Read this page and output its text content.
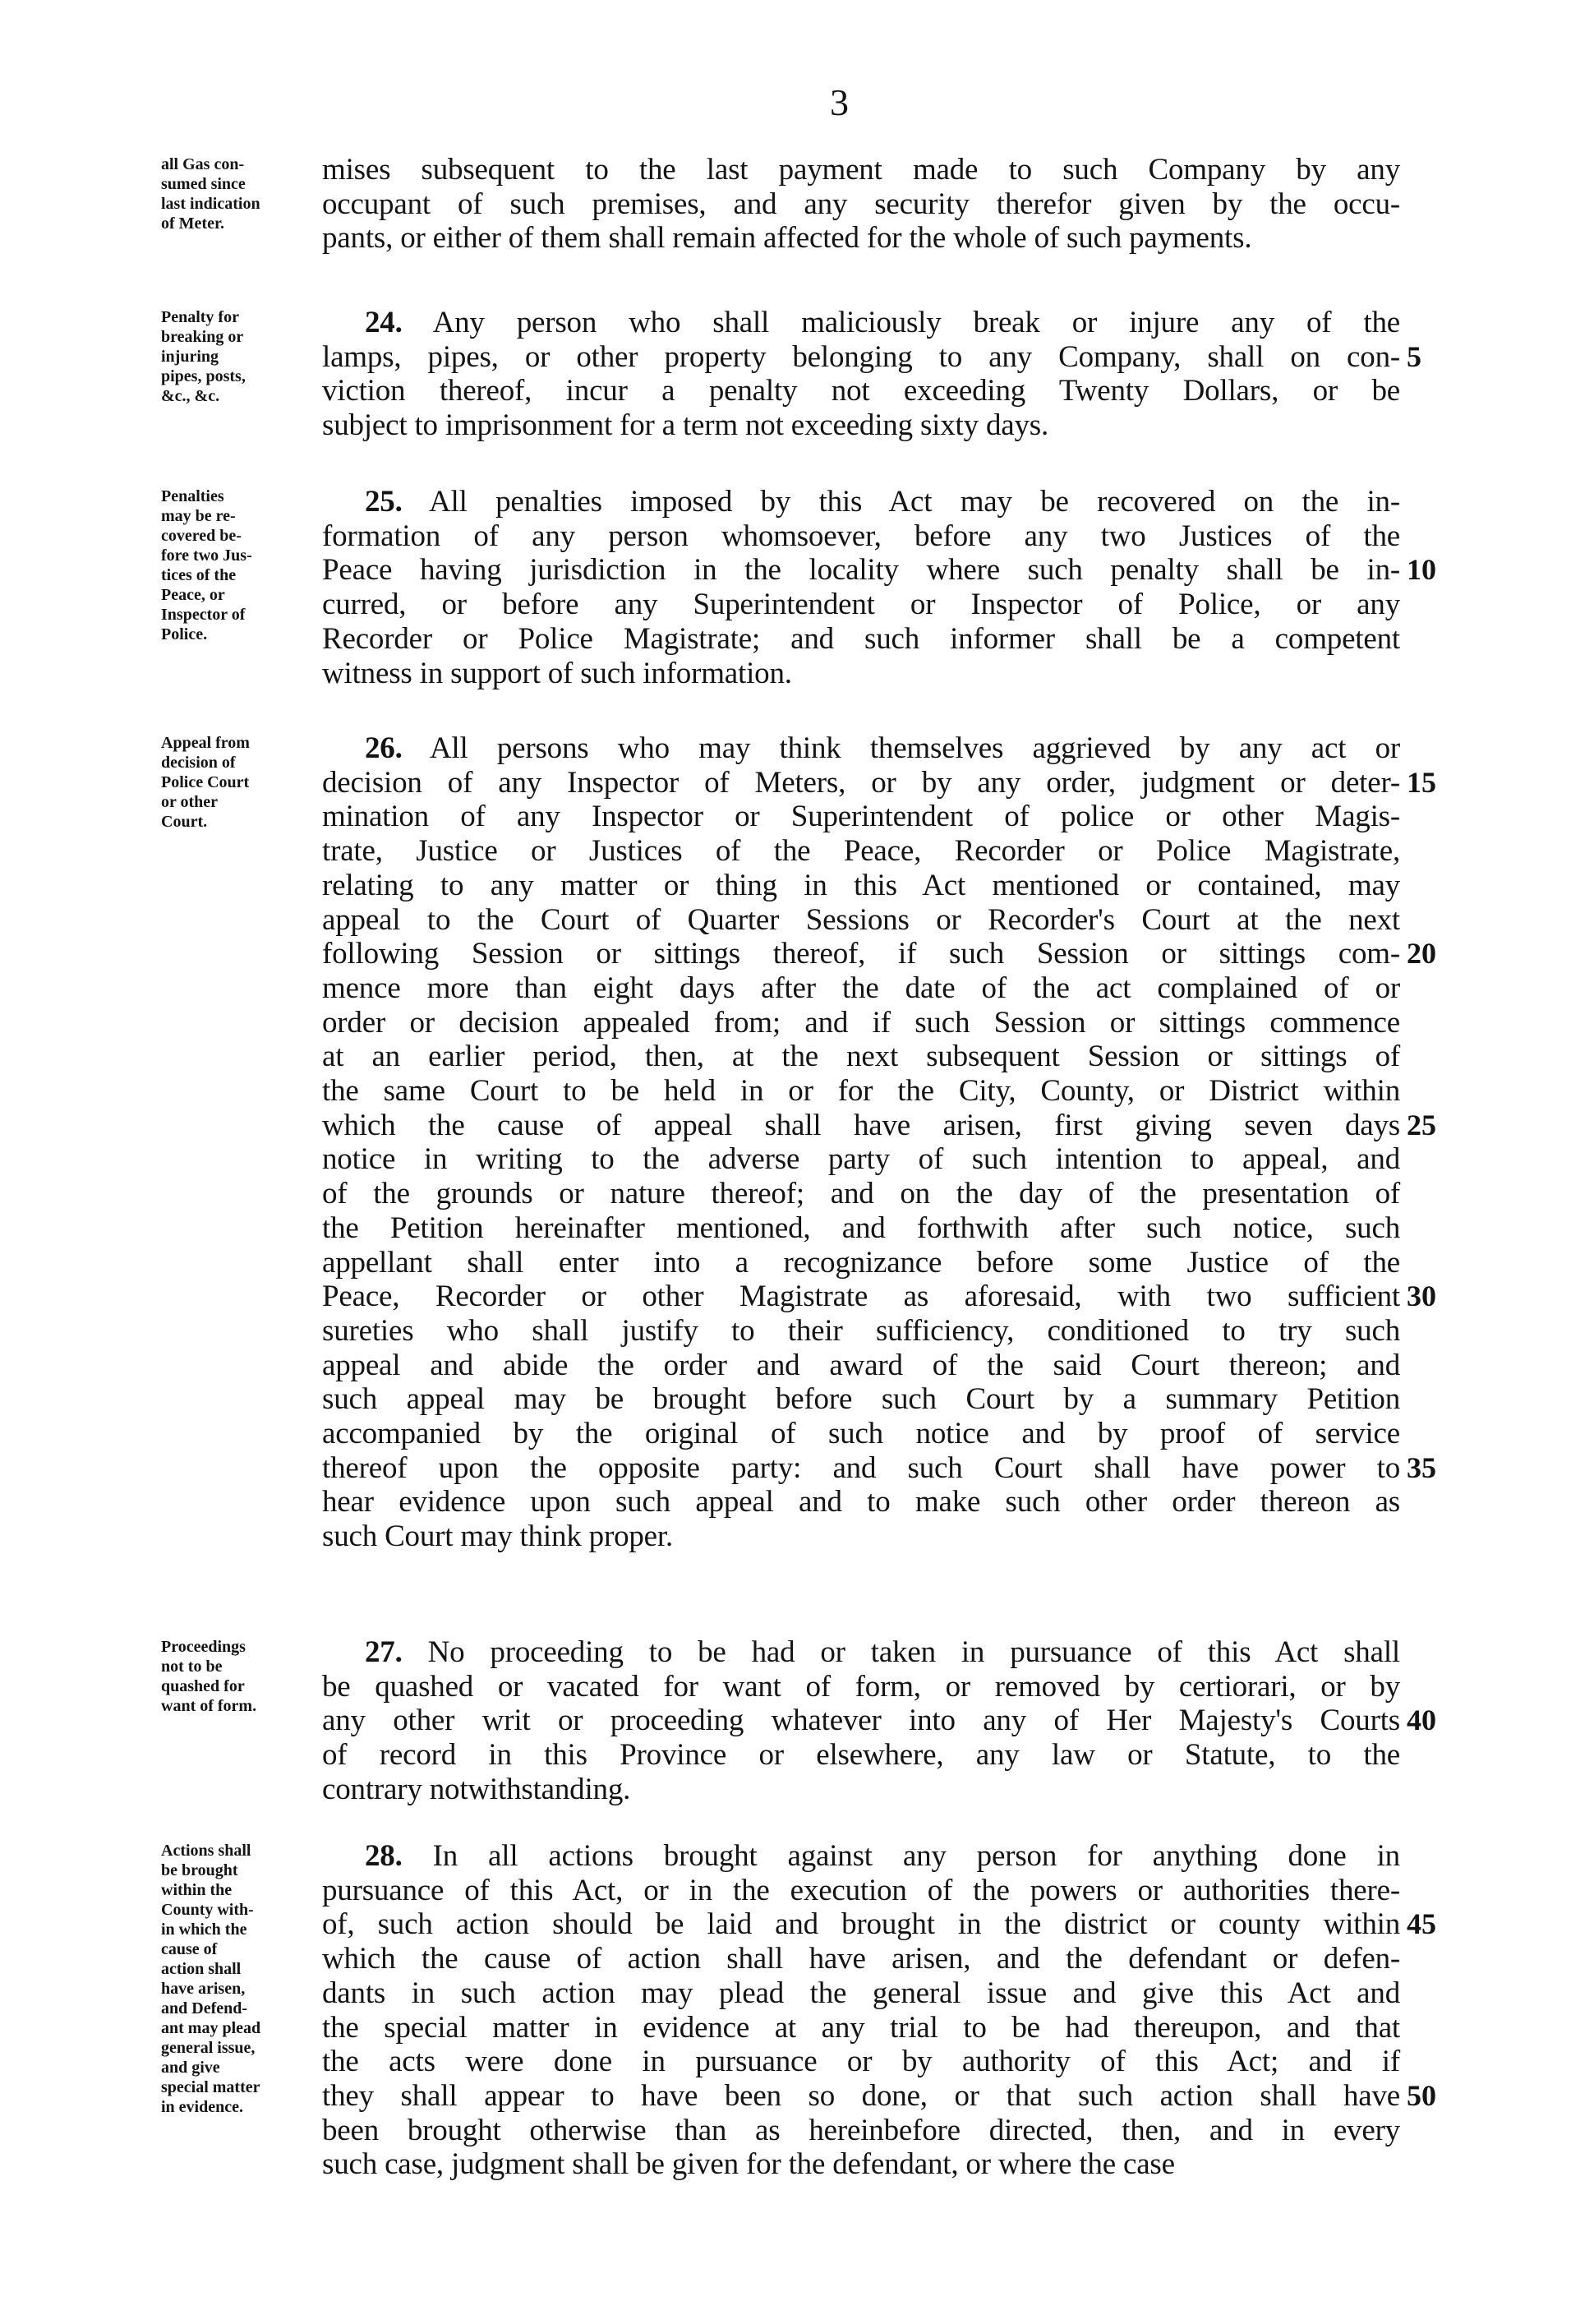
3
all Gas con-
sumed since
last indication
of Meter.
mises subsequent to the last payment made to such Company by any
occupant of such premises, and any security therefor given by the occu-
pants, or either of them shall remain affected for the whole of such payments.
Penalty for
breaking or
injuring
pipes, posts,
&c., &c.
24. Any person who shall maliciously break or injure any of the
lamps, pipes, or other property belonging to any Company, shall on con- 5
viction thereof, incur a penalty not exceeding Twenty Dollars, or be
subject to imprisonment for a term not exceeding sixty days.
Penalties
may be re-
covered be-
fore two Jus-
tices of the
Peace, or
Inspector of
Police.
25. All penalties imposed by this Act may be recovered on the in-
formation of any person whomsoever, before any two Justices of the
Peace having jurisdiction in the locality where such penalty shall be in- 10
curred, or before any Superintendent or Inspector of Police, or any
Recorder or Police Magistrate; and such informer shall be a competent
witness in support of such information.
Appeal from
decision of
Police Court
or other
Court.
26. All persons who may think themselves aggrieved by any act or
decision of any Inspector of Meters, or by any order, judgment or deter- 15
mination of any Inspector or Superintendent of police or other Magis-
trate, Justice or Justices of the Peace, Recorder or Police Magistrate,
relating to any matter or thing in this Act mentioned or contained, may
appeal to the Court of Quarter Sessions or Recorder's Court at the next
following Session or sittings thereof, if such Session or sittings com- 20
mence more than eight days after the date of the act complained of or
order or decision appealed from; and if such Session or sittings commence
at an earlier period, then, at the next subsequent Session or sittings of
the same Court to be held in or for the City, County, or District within
which the cause of appeal shall have arisen, first giving seven days 25
notice in writing to the adverse party of such intention to appeal, and
of the grounds or nature thereof; and on the day of the presentation of
the Petition hereinafter mentioned, and forthwith after such notice, such
appellant shall enter into a recognizance before some Justice of the
Peace, Recorder or other Magistrate as aforesaid, with two sufficient 30
sureties who shall justify to their sufficiency, conditioned to try such
appeal and abide the order and award of the said Court thereon; and
such appeal may be brought before such Court by a summary Petition
accompanied by the original of such notice and by proof of service
thereof upon the opposite party: and such Court shall have power to 35
hear evidence upon such appeal and to make such other order thereon as
such Court may think proper.
Proceedings
not to be
quashed for
want of form.
27. No proceeding to be had or taken in pursuance of this Act shall
be quashed or vacated for want of form, or removed by certiorari, or by
any other writ or proceeding whatever into any of Her Majesty's Courts 40
of record in this Province or elsewhere, any law or Statute, to the
contrary notwithstanding.
Actions shall
be brought
within the
County with-
in which the
cause of
action shall
have arisen,
and Defend-
ant may plead
general issue,
and give
special matter
in evidence.
28. In all actions brought against any person for anything done in
pursuance of this Act, or in the execution of the powers or authorities there-
of, such action should be laid and brought in the district or county within 45
which the cause of action shall have arisen, and the defendant or defen-
dants in such action may plead the general issue and give this Act and
the special matter in evidence at any trial to be had thereupon, and that
the acts were done in pursuance or by authority of this Act; and if
they shall appear to have been so done, or that such action shall have 50
been brought otherwise than as hereinbefore directed, then, and in every
such case, judgment shall be given for the defendant, or where the case
